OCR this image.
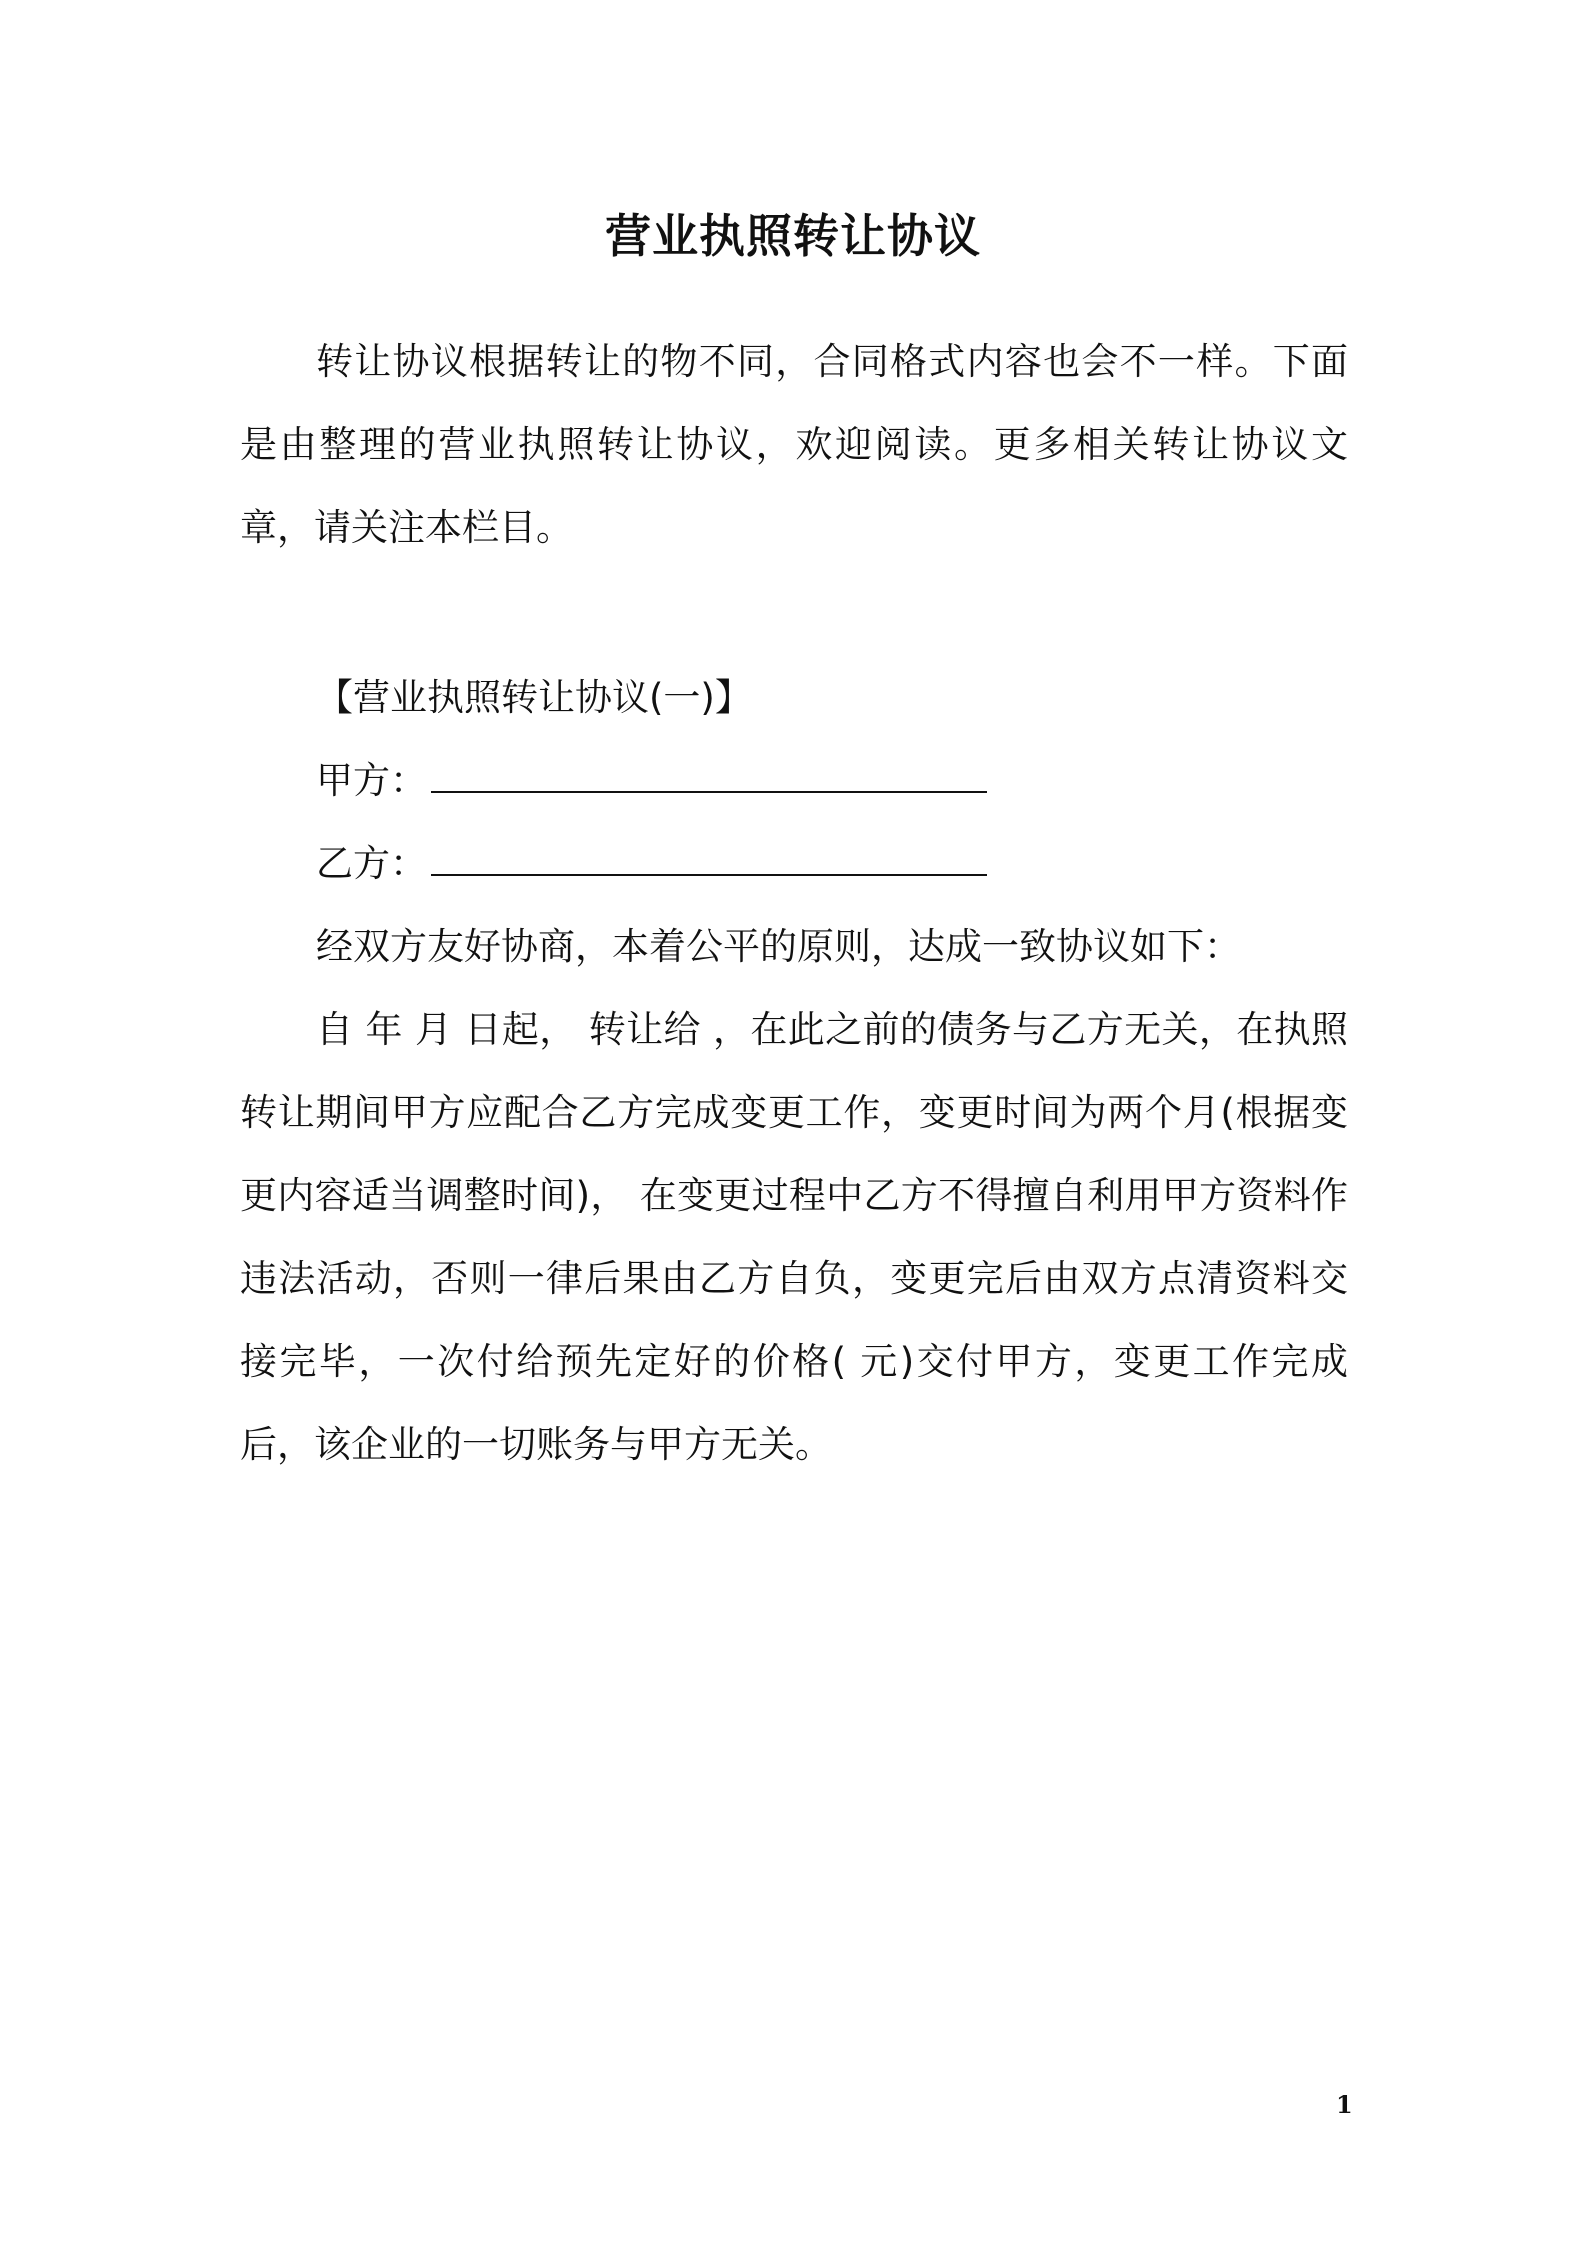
营业执照转让协议

转让协议根据转让的物不同，合同格式内容也会不一样。下面是由整理的营业执照转让协议，欢迎阅读。更多相关转让协议文章，请关注本栏目。

【营业执照转让协议(一)】

甲方：
乙方：

经双方友好协商，本着公平的原则，达成一致协议如下：

自 年 月 日起， 转让给 ，在此之前的债务与乙方无关，在执照转让期间甲方应配合乙方完成变更工作，变更时间为两个月(根据变更内容适当调整时间)， 在变更过程中乙方不得擅自利用甲方资料作违法活动，否则一律后果由乙方自负，变更完后由双方点清资料交接完毕，一次付给预先定好的价格( 元)交付甲方，变更工作完成后，该企业的一切账务与甲方无关。

1
